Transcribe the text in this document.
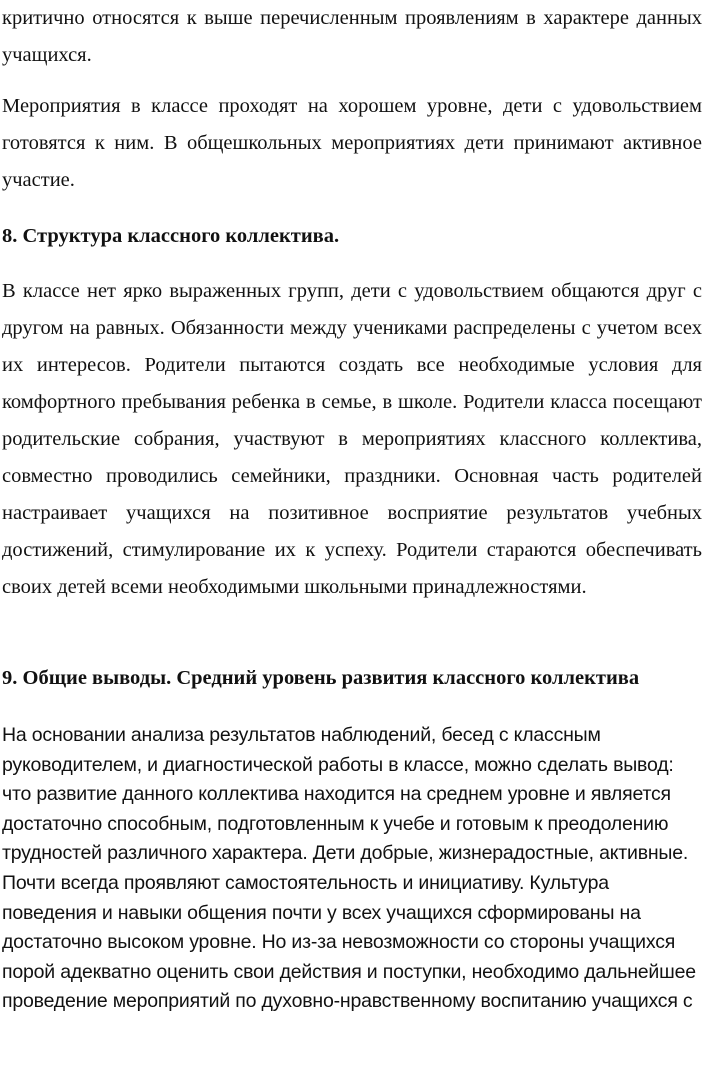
критично относятся к выше перечисленным проявлениям в характере данных учащихся.

Мероприятия в классе проходят на хорошем уровне, дети с удовольствием готовятся к ним. В общешкольных мероприятиях дети принимают активное участие.

8. Структура классного коллектива.

В классе нет ярко выраженных групп, дети с удовольствием общаются друг с другом на равных. Обязанности между учениками распределены с учетом всех их интересов. Родители пытаются создать все необходимые условия для комфортного пребывания ребенка в семье, в школе. Родители класса посещают родительские собрания, участвуют в мероприятиях классного коллектива, совместно проводились семейники, праздники. Основная часть родителей настраивает учащихся на позитивное восприятие результатов учебных достижений, стимулирование их к успеху. Родители стараются обеспечивать своих детей всеми необходимыми школьными принадлежностями.

9. Общие выводы. Средний уровень развития классного коллектива

На основании анализа результатов наблюдений, бесед с классным руководителем, и диагностической работы в классе, можно сделать вывод: что развитие данного коллектива находится на среднем уровне и является достаточно способным, подготовленным к учебе и готовым к преодолению трудностей различного характера. Дети добрые, жизнерадостные, активные. Почти всегда проявляют самостоятельность и инициативу. Культура поведения и навыки общения почти у всех учащихся сформированы на достаточно высоком уровне. Но из-за невозможности со стороны учащихся порой адекватно оценить свои действия и поступки, необходимо дальнейшее проведение мероприятий по духовно-нравственному воспитанию учащихся с
